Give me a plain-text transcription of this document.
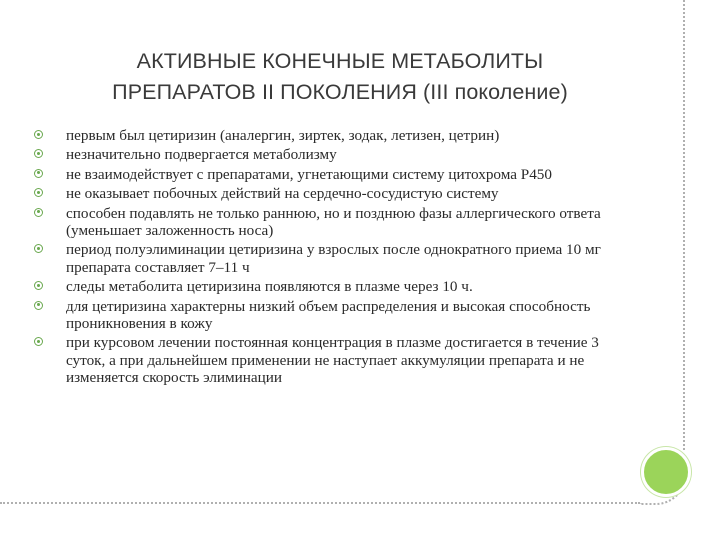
АКТИВНЫЕ КОНЕЧНЫЕ МЕТАБОЛИТЫ
ПРЕПАРАТОВ II ПОКОЛЕНИЯ (III поколение)
первым был цетиризин (аналергин, зиртек, зодак, летизен, цетрин)
незначительно подвергается метаболизму
не взаимодействует с препаратами, угнетающими систему цитохрома Р450
не оказывает побочных действий на сердечно-сосудистую систему
способен подавлять не только раннюю, но и позднюю фазы аллергического ответа (уменьшает заложенность носа)
период полуэлиминации цетиризина у взрослых после однократного приема 10 мг препарата составляет 7–11 ч
следы метаболита цетиризина появляются в плазме через 10 ч.
для цетиризина характерны низкий объем распределения и высокая способность проникновения в кожу
при курсовом лечении постоянная концентрация в плазме достигается в течение 3 суток, а при дальнейшем применении не наступает аккумуляции препарата и не изменяется скорость элиминации
